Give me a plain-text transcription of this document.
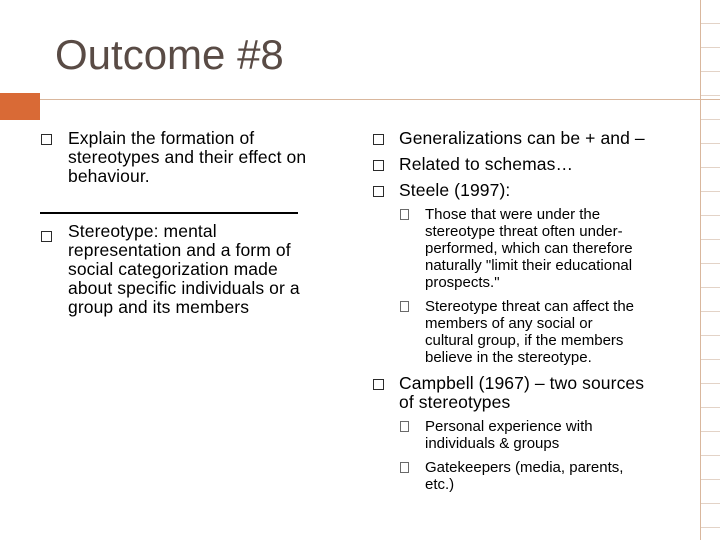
Outcome #8
Explain the formation of
stereotypes and their effect on
behaviour.
Stereotype: mental
representation and a form of
social categorization made
about specific individuals or a
group and its members
Generalizations can be + and –
Related to schemas…
Steele (1997):
Those that were under the
stereotype threat often under-
performed, which can therefore
naturally "limit their educational
prospects."
Stereotype threat can affect the
members of any social or
cultural group, if the members
believe in the stereotype.
Campbell (1967) – two sources
of stereotypes
Personal experience with
individuals & groups
Gatekeepers (media, parents,
etc.)
